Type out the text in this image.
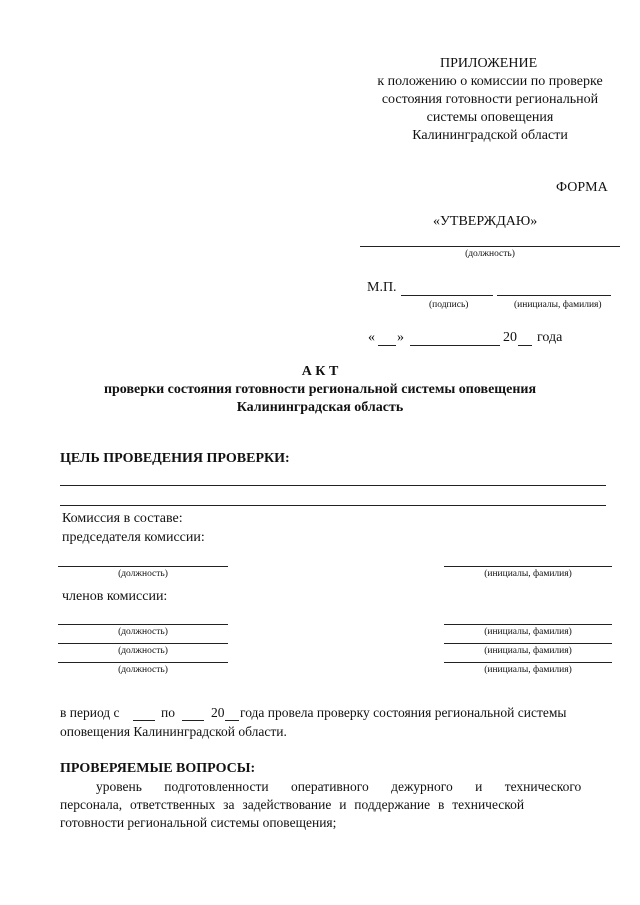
ПРИЛОЖЕНИЕ
к положению о комиссии по проверке
состояния готовности региональной
системы оповещения
Калининградской области
ФОРМА
«УТВЕРЖДАЮ»
(должность)
М.П.
(подпись)	(инициалы, фамилия)
« »	20 года
А К Т
проверки состояния готовности региональной системы оповещения
Калининградская область
ЦЕЛЬ ПРОВЕДЕНИЯ ПРОВЕРКИ:
Комиссия в составе:
председателя комиссии:
(должность)	(инициалы, фамилия)
членов комиссии:
(должность)	(инициалы, фамилия)
(должность)	(инициалы, фамилия)
(должность)	(инициалы, фамилия)
в период с	по	20 года провела проверку состояния региональной системы
оповещения Калининградской области.
ПРОВЕРЯЕМЫЕ ВОПРОСЫ:
уровень подготовленности оперативного дежурного и технического
персонала, ответственных за задействование и поддержание в технической
готовности региональной системы оповещения;
